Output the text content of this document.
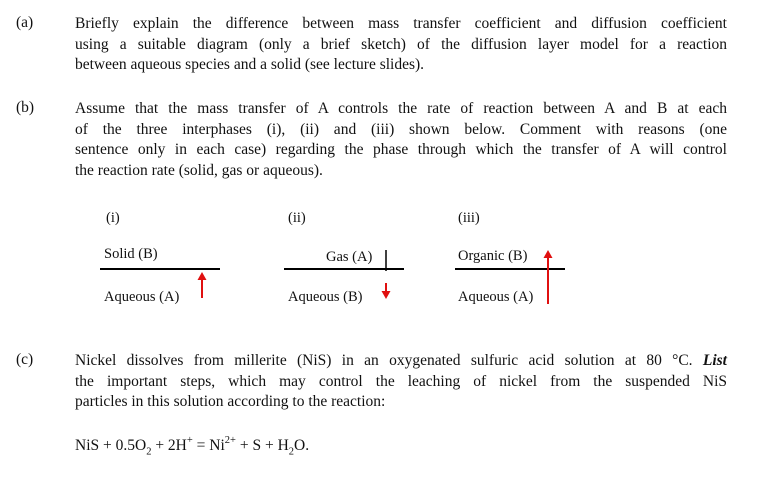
(a)	Briefly explain the difference between mass transfer coefficient and diffusion coefficient
using a suitable diagram (only a brief sketch) of the diffusion layer model for a reaction
between aqueous species and a solid (see lecture slides).
(b)	Assume that the mass transfer of A controls the rate of reaction between A and B at each
of the three interphases (i), (ii) and (iii) shown below. Comment with reasons (one
sentence only in each case) regarding the phase through which the transfer of A will control
the reaction rate (solid, gas or aqueous).
(i)
Solid (B)
Aqueous (A)
(ii)
Gas (A)
Aqueous (B)
(iii)
Organic (B)
Aqueous (A)
(c)	Nickel dissolves from millerite (NiS) in an oxygenated sulfuric acid solution at 80 °C. List
the important steps, which may control the leaching of nickel from the suspended NiS
particles in this solution according to the reaction:
NiS + $0.5O_2 + 2H^+ = Ni^{2+} + S + H_2O$.
